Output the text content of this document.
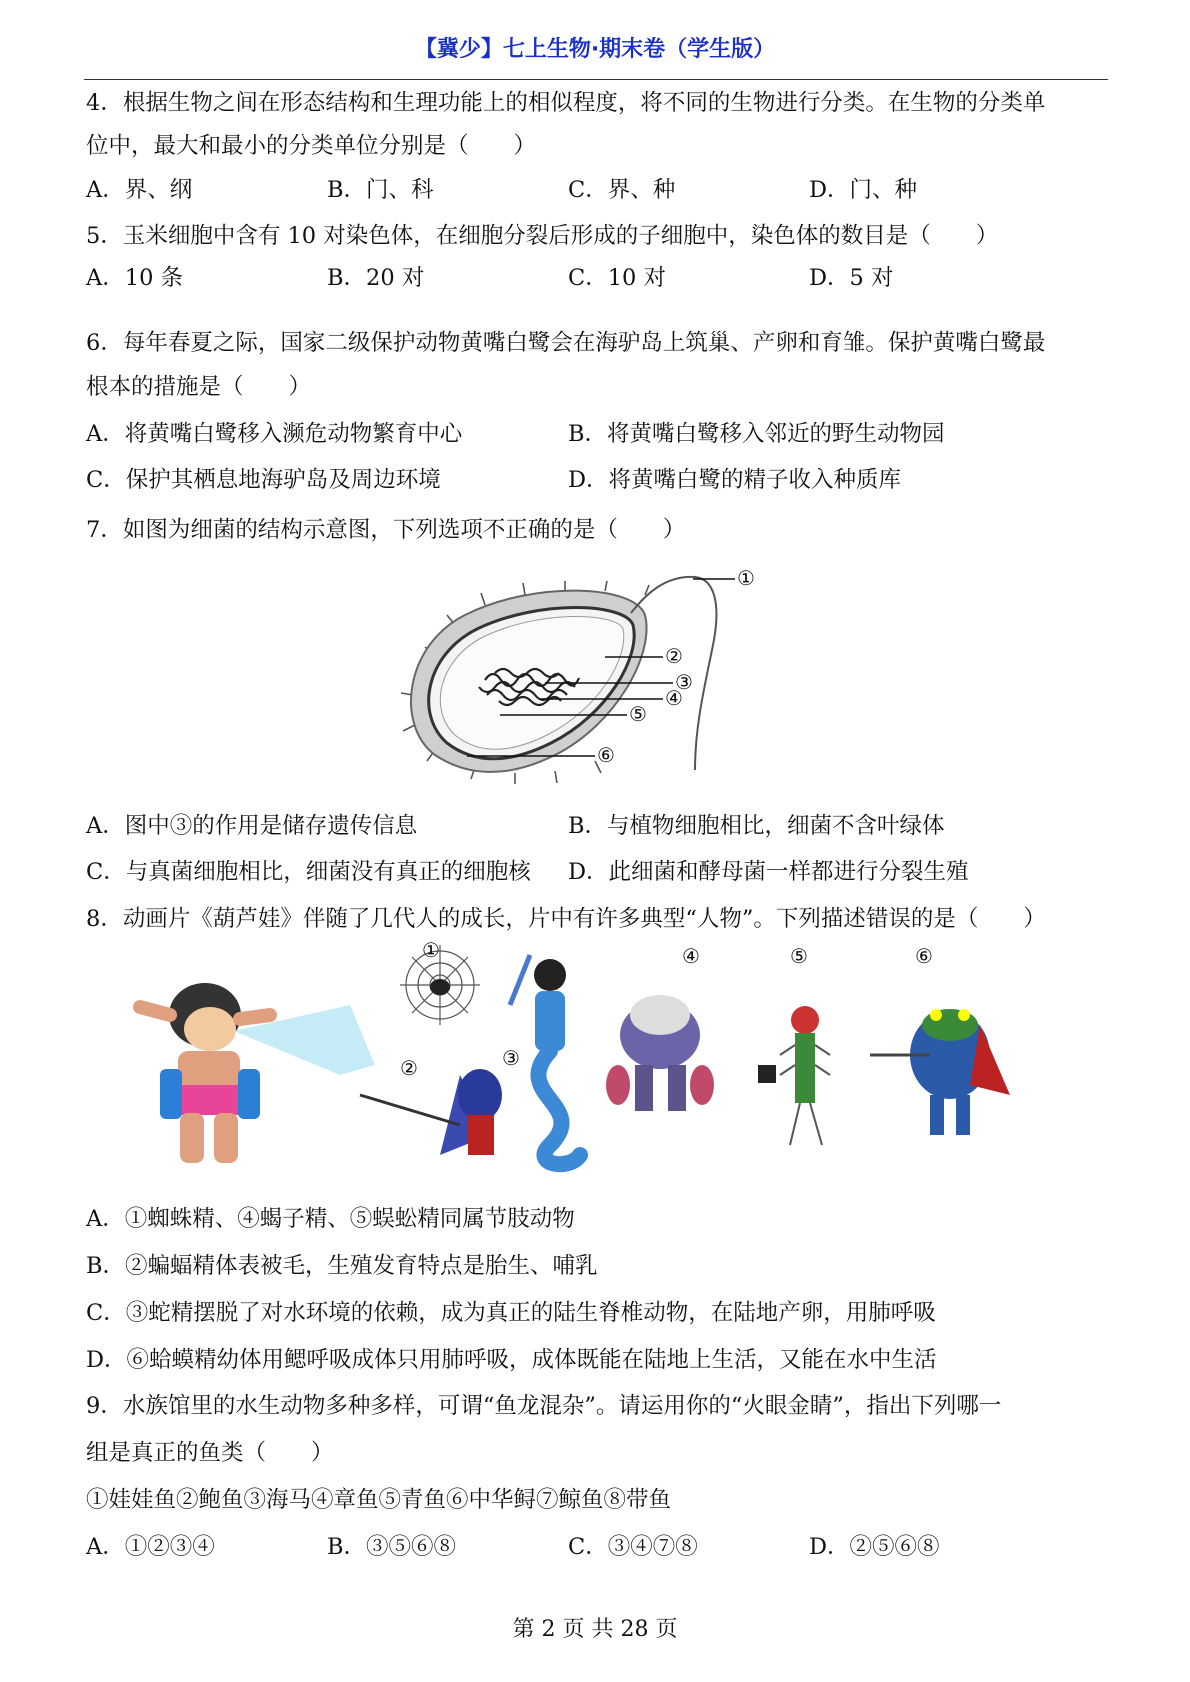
【冀少】七上生物·期末卷（学生版）
4．根据生物之间在形态结构和生理功能上的相似程度，将不同的生物进行分类。在生物的分类单
位中，最大和最小的分类单位分别是（　　）
A．界、纲	B．门、科	C．界、种	D．门、种
5．玉米细胞中含有 10 对染色体，在细胞分裂后形成的子细胞中，染色体的数目是（　　）
A．10 条	B．20 对	C．10 对	D．5 对
6．每年春夏之际，国家二级保护动物黄嘴白鹭会在海驴岛上筑巢、产卵和育雏。保护黄嘴白鹭最
根本的措施是（　　）
A．将黄嘴白鹭移入濒危动物繁育中心	B．将黄嘴白鹭移入邻近的野生动物园
C．保护其栖息地海驴岛及周边环境	D．将黄嘴白鹭的精子收入种质库
7．如图为细菌的结构示意图，下列选项不正确的是（　　）
①
②
③
④
⑤
⑥
A．图中③的作用是储存遗传信息	B．与植物细胞相比，细菌不含叶绿体
C．与真菌细胞相比，细菌没有真正的细胞核 D．此细菌和酵母菌一样都进行分裂生殖
8．动画片《葫芦娃》伴随了几代人的成长，片中有许多典型“人物”。下列描述错误的是（　　）
①
②	③
④	⑤	⑥
A．①蜘蛛精、④蝎子精、⑤蜈蚣精同属节肢动物
B．②蝙蝠精体表被毛，生殖发育特点是胎生、哺乳
C．③蛇精摆脱了对水环境的依赖，成为真正的陆生脊椎动物，在陆地产卵，用肺呼吸
D．⑥蛤蟆精幼体用鳃呼吸成体只用肺呼吸，成体既能在陆地上生活，又能在水中生活
9．水族馆里的水生动物多种多样，可谓“鱼龙混杂”。请运用你的“火眼金睛”，指出下列哪一
组是真正的鱼类（　　）
①娃娃鱼②鲍鱼③海马④章鱼⑤青鱼⑥中华鲟⑦鲸鱼⑧带鱼
A．①②③④	B．③⑤⑥⑧	C．③④⑦⑧	D．②⑤⑥⑧
第 2 页 共 28 页
